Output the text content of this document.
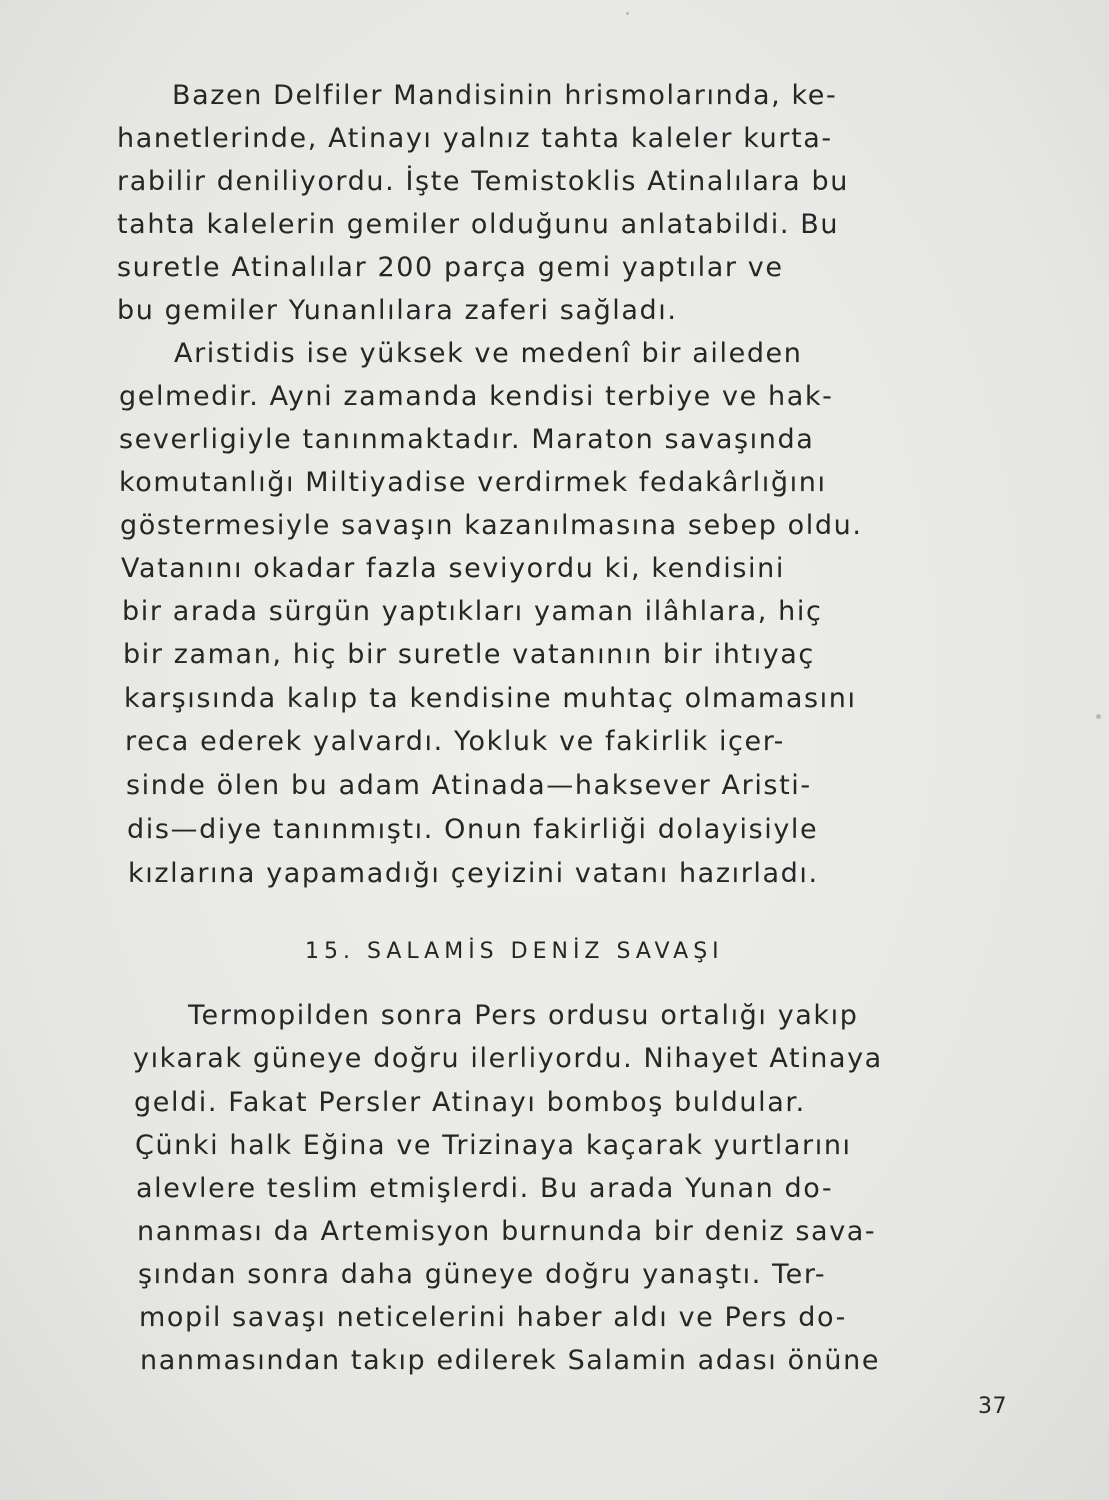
Bazen Delfiler Mandisinin hrismolarında, ke-
hanetlerinde, Atinayı yalnız tahta kaleler kurta-
rabilir deniliyordu. İşte Temistoklis Atinalılara bu
tahta kalelerin gemiler olduğunu anlatabildi. Bu
suretle Atinalılar 200 parça gemi yaptılar ve
bu gemiler Yunanlılara zaferi sağladı.
Aristidis ise yüksek ve medenî bir aileden
gelmedir. Ayni zamanda kendisi terbiye ve hak-
severligiyle tanınmaktadır. Maraton savaşında
komutanlığı Miltiyadise verdirmek fedakârlığını
göstermesiyle savaşın kazanılmasına sebep oldu.
Vatanını okadar fazla seviyordu ki, kendisini
bir arada sürgün yaptıkları yaman ilâhlara, hiç
bir zaman, hiç bir suretle vatanının bir ihtıyaç
karşısında kalıp ta kendisine muhtaç olmamasını
reca ederek yalvardı. Yokluk ve fakirlik içer-
sinde ölen bu adam Atinada—haksever Aristi-
dis—diye tanınmıştı. Onun fakirliği dolayisiyle
kızlarına yapamadığı çeyizini vatanı hazırladı.
15. SALAMİS DENİZ SAVAŞI
Termopilden sonra Pers ordusu ortalığı yakıp
yıkarak güneye doğru ilerliyordu. Nihayet Atinaya
geldi. Fakat Persler Atinayı bomboş buldular.
Çünki halk Eğina ve Trizinaya kaçarak yurtlarını
alevlere teslim etmişlerdi. Bu arada Yunan do-
nanması da Artemisyon burnunda bir deniz sava-
şından sonra daha güneye doğru yanaştı. Ter-
mopil savaşı neticelerini haber aldı ve Pers do-
nanmasından takıp edilerek Salamin adası önüne
37
